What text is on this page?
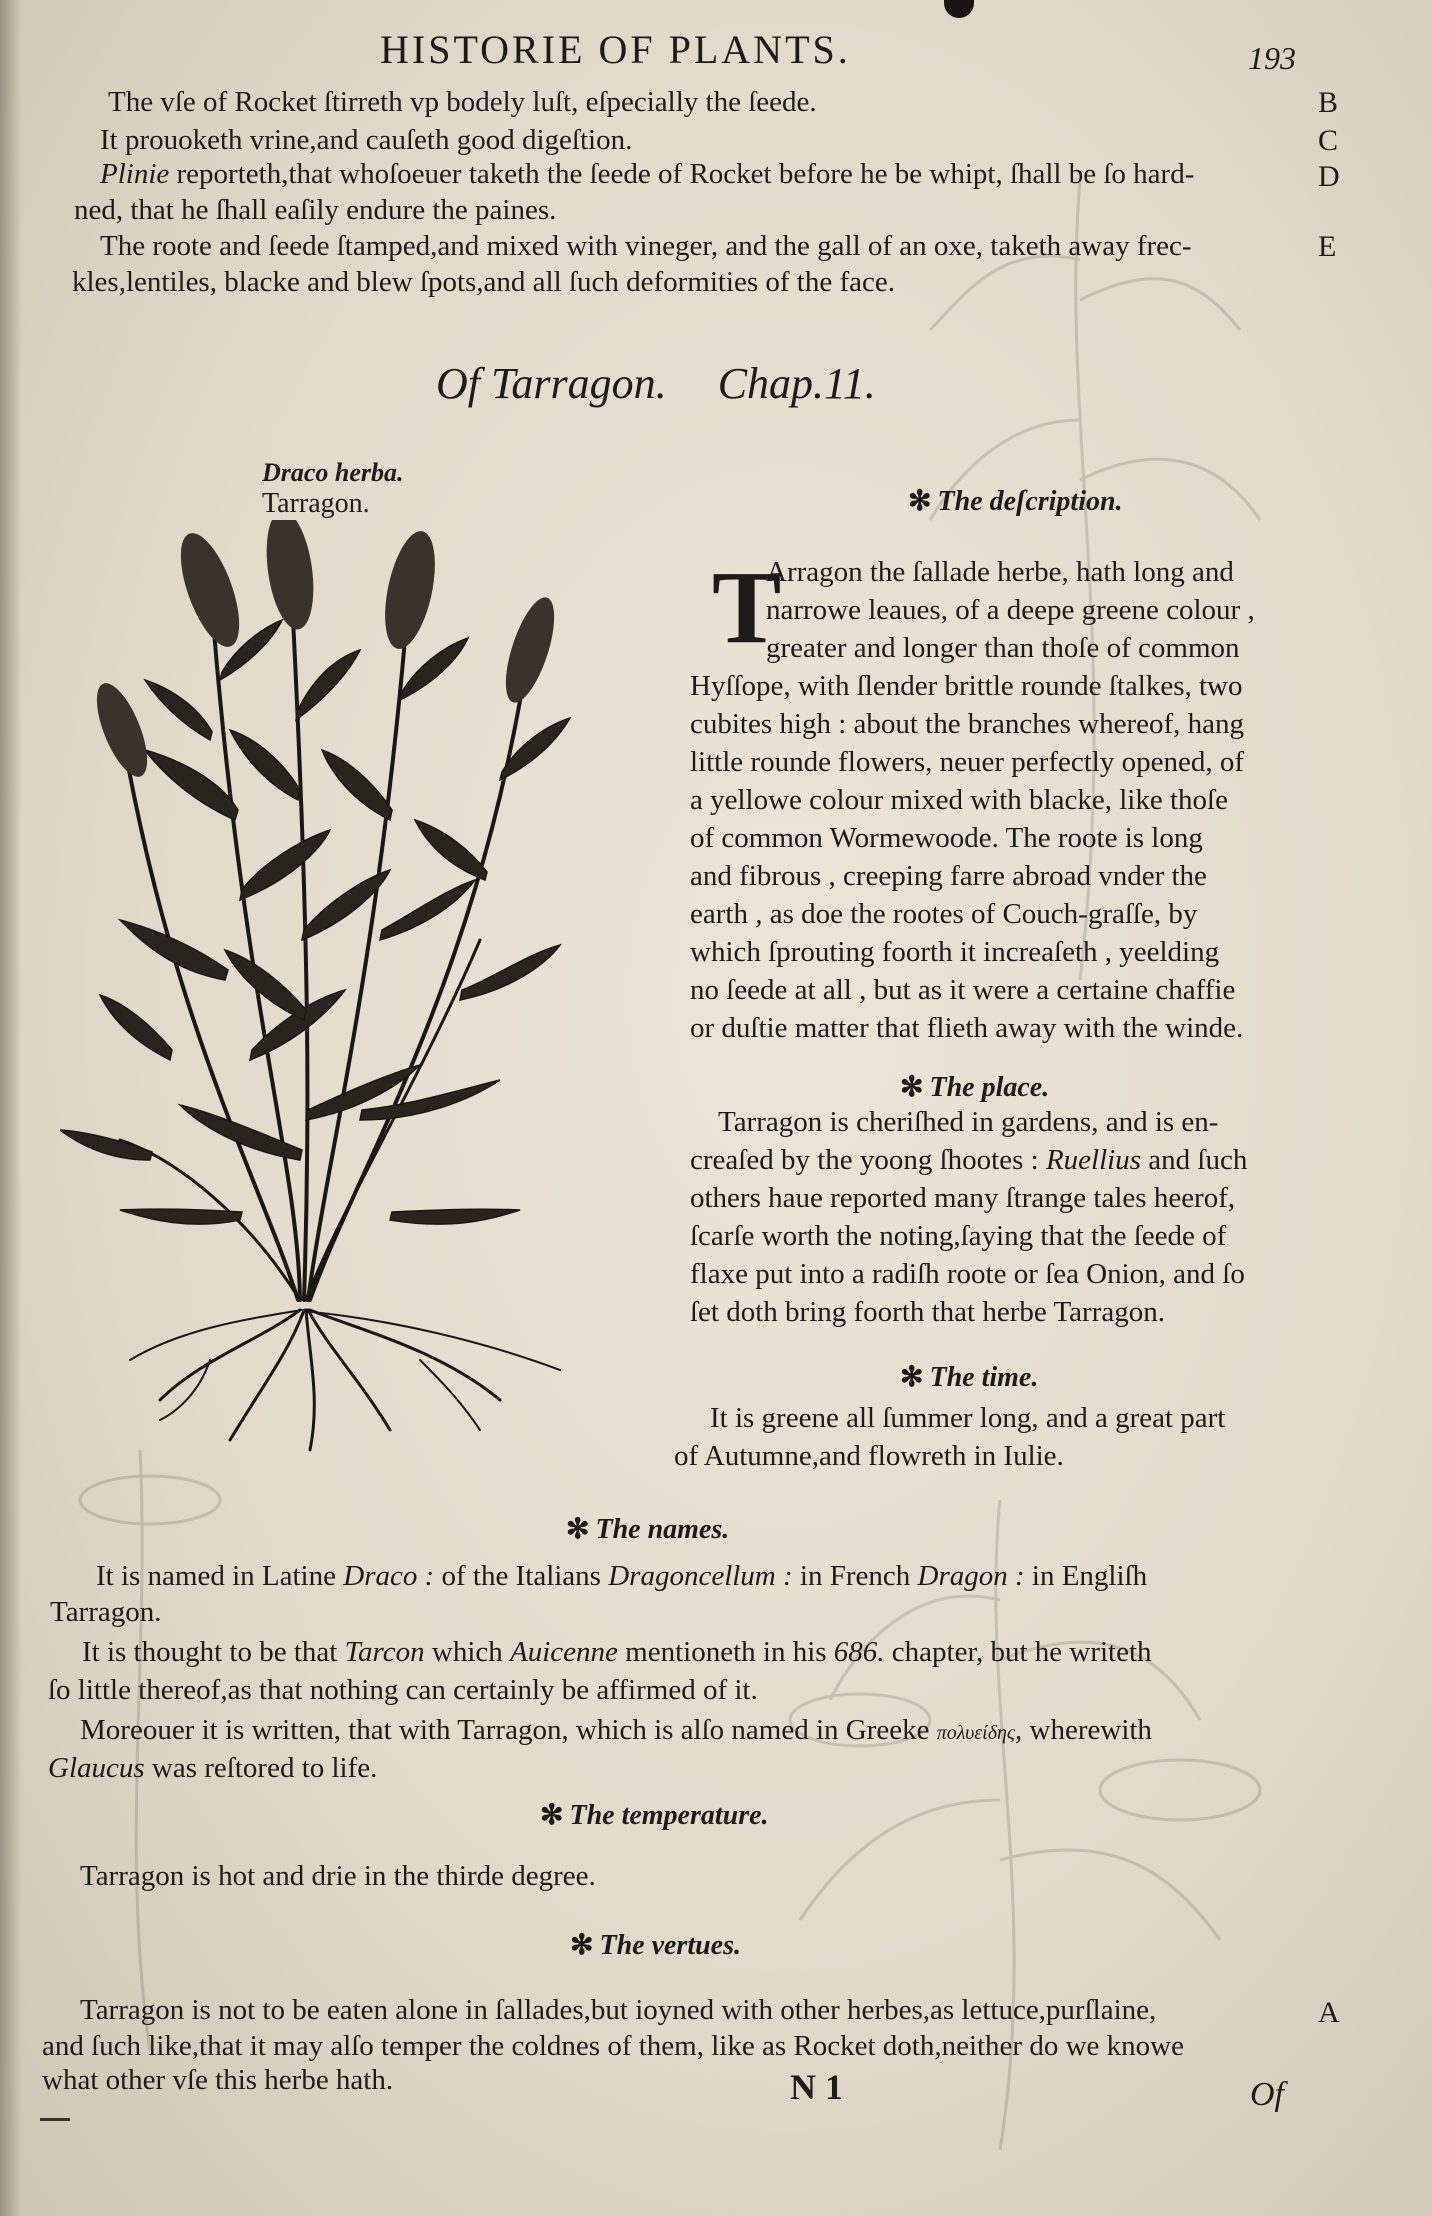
HISTORIE OF PLANTS.	193
B
C
D
E
A
The vſe of Rocket ſtirreth vp bodely luſt, eſpecially the ſeede.
It prouoketh vrine,and cauſeth good digeſtion.
Plinie reporteth,that whoſoeuer taketh the ſeede of Rocket before he be whipt, ſhall be ſo hard-
ned, that he ſhall eaſily endure the paines.
The roote and ſeede ſtamped,and mixed with vineger, and the gall of an oxe, taketh away frec-
kles,lentiles, blacke and blew ſpots,and all ſuch deformities of the face.
Of Tarragon. Chap.11.
Draco herba.
Tarragon.	✻ The deſcription.
T
Arragon the ſallade herbe, hath long and
narrowe leaues, of a deepe greene colour ,
greater and longer than thoſe of common
Hyſſope, with ſlender brittle rounde ſtalkes, two
cubites high : about the branches whereof, hang
little rounde flowers, neuer perfectly opened, of
a yellowe colour mixed with blacke, like thoſe
of common Wormewoode. The roote is long
and fibrous , creeping farre abroad vnder the
earth , as doe the rootes of Couch-graſſe, by
which ſprouting foorth it increaſeth , yeelding
no ſeede at all , but as it were a certaine chaffie
or duſtie matter that flieth away with the winde.
✻ The place.
Tarragon is cheriſhed in gardens, and is en-
creaſed by the yoong ſhootes : Ruellius and ſuch
others haue reported many ſtrange tales heerof,
ſcarſe worth the noting,ſaying that the ſeede of
flaxe put into a radiſh roote or ſea Onion, and ſo
ſet doth bring foorth that herbe Tarragon.
✻ The time.
It is greene all ſummer long, and a great part
of Autumne,and flowreth in Iulie.
✻ The names.
It is named in Latine Draco : of the Italians Dragoncellum : in French Dragon : in Engliſh
Tarragon.
It is thought to be that Tarcon which Auicenne mentioneth in his 686. chapter, but he writeth
ſo little thereof,as that nothing can certainly be affirmed of it.
Moreouer it is written, that with Tarragon, which is alſo named in Greeke πολυείδης, wherewith
Glaucus was reſtored to life.
✻ The temperature.
Tarragon is hot and drie in the thirde degree.
✻ The vertues.
Tarragon is not to be eaten alone in ſallades,but ioyned with other herbes,as lettuce,purſlaine,
and ſuch like,that it may alſo temper the coldnes of them, like as Rocket doth,neither do we knowe
what other vſe this herbe hath.	N 1	Of
